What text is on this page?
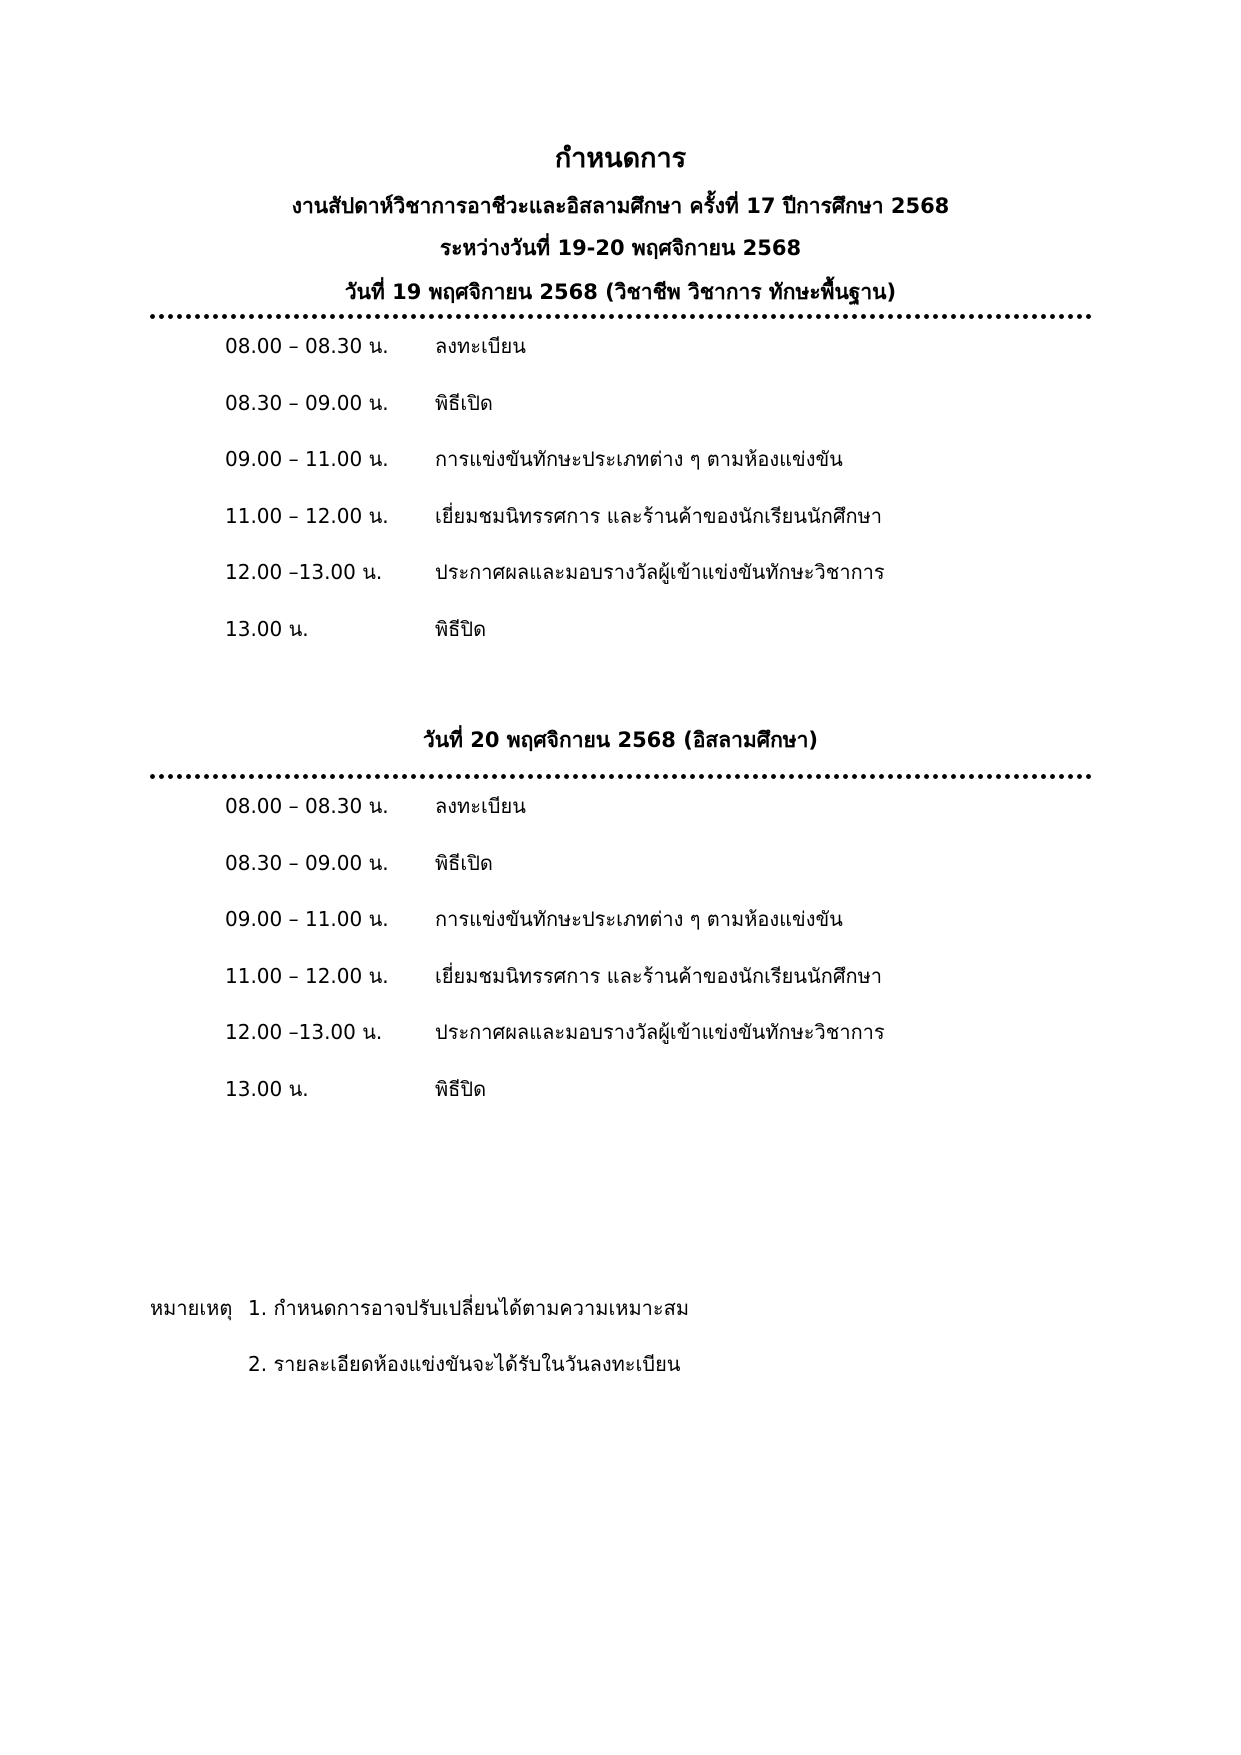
กำหนดการ
งานสัปดาห์วิชาการอาชีวะและอิสลามศึกษา ครั้งที่ 17 ปีการศึกษา 2568
ระหว่างวันที่ 19-20 พฤศจิกายน 2568
วันที่ 19 พฤศจิกายน 2568 (วิชาชีพ วิชาการ ทักษะพื้นฐาน)
08.00 – 08.30 น. ลงทะเบียน
08.30 – 09.00 น. พิธีเปิด
09.00 – 11.00 น. การแข่งขันทักษะประเภทต่าง ๆ ตามห้องแข่งขัน
11.00 – 12.00 น. เยี่ยมชมนิทรรศการ และร้านค้าของนักเรียนนักศึกษา
12.00 –13.00 น.	ประกาศผลและมอบรางวัลผู้เข้าแข่งขันทักษะวิชาการ
13.00 น.	พิธีปิด
วันที่ 20 พฤศจิกายน 2568 (อิสลามศึกษา)
08.00 – 08.30 น. ลงทะเบียน
08.30 – 09.00 น. พิธีเปิด
09.00 – 11.00 น. การแข่งขันทักษะประเภทต่าง ๆ ตามห้องแข่งขัน
11.00 – 12.00 น. เยี่ยมชมนิทรรศการ และร้านค้าของนักเรียนนักศึกษา
12.00 –13.00 น.	ประกาศผลและมอบรางวัลผู้เข้าแข่งขันทักษะวิชาการ
13.00 น.	พิธีปิด
หมายเหตุ 1. กำหนดการอาจปรับเปลี่ยนได้ตามความเหมาะสม
2. รายละเอียดห้องแข่งขันจะได้รับในวันลงทะเบียน
